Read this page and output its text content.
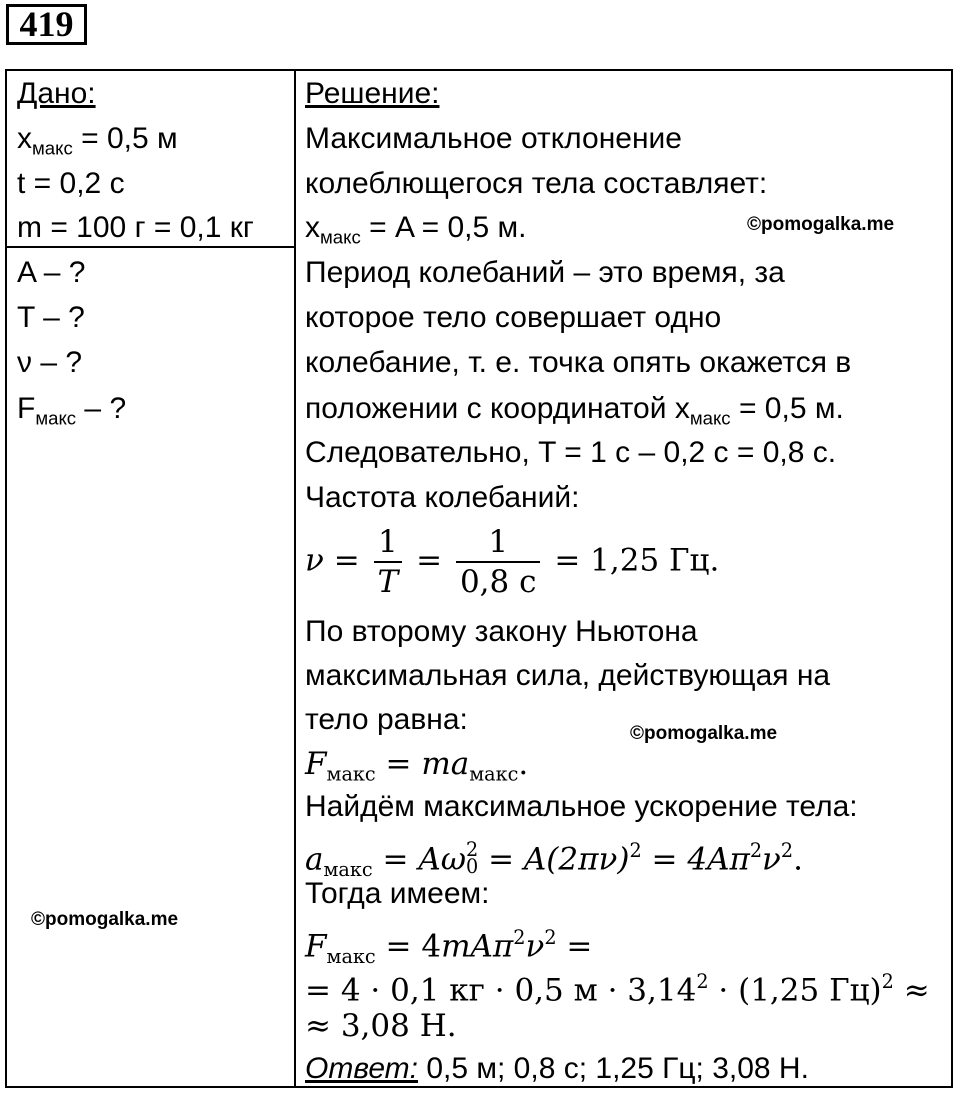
419
Дано:
$x_{макс} = 0,5$ м
t = 0,2 с
m = 100 г = 0,1 кг
A – ?
T – ?
ν – ?
$F_{макс}$ – ?
Решение:
Максимальное отклонение
колеблющегося тела составляет:
$x_{макс} = A = 0,5$ м.
Период колебаний – это время, за
которое тело совершает одно
колебание, т. е. точка опять окажется в
положении с координатой $x_{макс} = 0,5$ м.
Следовательно, T = 1 с – 0,2 с = 0,8 с.
Частота колебаний:
$\nu = \frac{1}{T} = \frac{1}{0,8 с} = 1,25$ Гц.
По второму закону Ньютона
максимальная сила, действующая на
тело равна:
$F_{макс} = ma_{макс}$.
Найдём максимальное ускорение тела:
$a_{макс} = A\omega$ 2
$0 = A(2\pi\nu)^2 = 4A\pi^2\nu^2$.
Тогда имеем:
$F_{макс} = 4mA\pi^2\nu^2$ =
= 4 · 0,1 кг · 0,5 $м \cdot 3,14^2 \cdot (1,25$ Гц)$^2$ ≈
≈ 3,08 Н.
Ответ: 0,5 м; 0,8 с; 1,25 Гц; 3,08 Н.
©pomogalka.me
©pomogalka.me
©pomogalka.me
